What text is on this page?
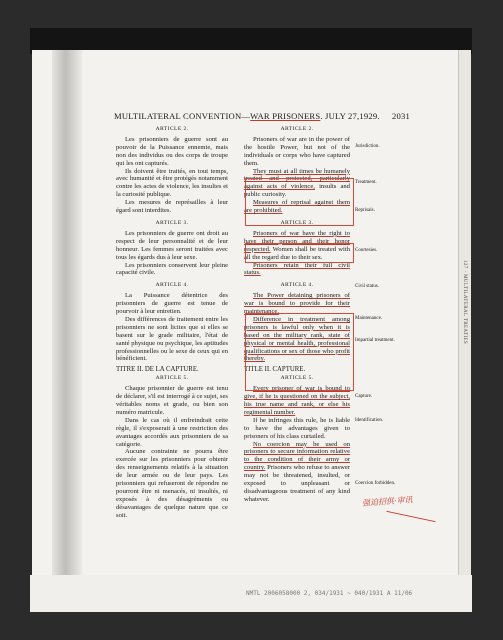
127 · MULTILATERAL TREATIES
MULTILATERAL CONVENTION—WAR PRISONERS. JULY 27,1929. 2031

ARTICLE 2.

Les prisonniers de guerre sont au pouvoir de la Puissance ennemie, mais non des individus ou des corps de troupe qui les ont capturés.

Ils doivent être traités, en tout temps, avec humanité et être protégés notamment contre les actes de violence, les insultes et la curiosité publique.

Les mesures de représailles à leur égard sont interdites.

ARTICLE 3.

Les prisonniers de guerre ont droit au respect de leur personnalité et de leur honneur. Les femmes seront traitées avec tous les égards dus à leur sexe.

Les prisonniers conservent leur pleine capacité civile.

ARTICLE 4.

La Puissance détentrice des prisonniers de guerre est tenue de pourvoir à leur entretien.

Des différences de traitement entre les prisonniers ne sont licites que si elles se basent sur le grade militaire, l'état de santé physique ou psychique, les aptitudes professionnelles ou le sexe de ceux qui en bénéficient.

TITRE II. DE LA CAPTURE.

ARTICLE 5.

Chaque prisonnier de guerre est tenu de déclarer, s'il est interrogé à ce sujet, ses véritables noms et grade, ou bien son numéro matricule.

Dans le cas où il enfreindrait cette règle, il s'exposerait à une restriction des avantages accordés aux prisonniers de sa catégorie.

Aucune contrainte ne pourra être exercée sur les prisonniers pour obtenir des renseignements relatifs à la situation de leur armée ou de leur pays. Les prisonniers qui refuseront de répondre ne pourront être ni menacés, ni insultés, ni exposés à des désagréments ou désavantages de quelque nature que ce soit.

ARTICLE 2.

Prisoners of war are in the power of the hostile Power, but not of the individuals or corps who have captured them.

They must at all times be humanely treated and protected, particularly against acts of violence, insults and public curiosity.

Measures of reprisal against them are prohibited.

ARTICLE 3.

Prisoners of war have the right to have their person and their honor respected. Women shall be treated with all the regard due to their sex.

Prisoners retain their full civil status.

ARTICLE 4.

The Power detaining prisoners of war is bound to provide for their maintenance.

Difference in treatment among prisoners is lawful only when it is based on the military rank, state of physical or mental health, professional qualifications or sex of those who profit thereby.

TITLE II. CAPTURE.

ARTICLE 5.

Every prisoner of war is bound to give, if he is questioned on the subject, his true name and rank, or else his regimental number.

If he infringes this rule, he is liable to have the advantages given to prisoners of his class curtailed.

No coercion may be used on prisoners to secure information relative to the condition of their army or country. Prisoners who refuse to answer may not be threatened, insulted, or exposed to unpleasant or disadvantageous treatment of any kind whatever.

Jurisdiction.
Treatment.
Reprisals.
Courtesies.
Civil status.
Maintenance.
Impartial treatment.
Capture.
Identification.
Coercion forbidden.
强迫招供·审讯
NMTL 2006058000 2, 034/1931 ~ 040/1931 A 11/06
